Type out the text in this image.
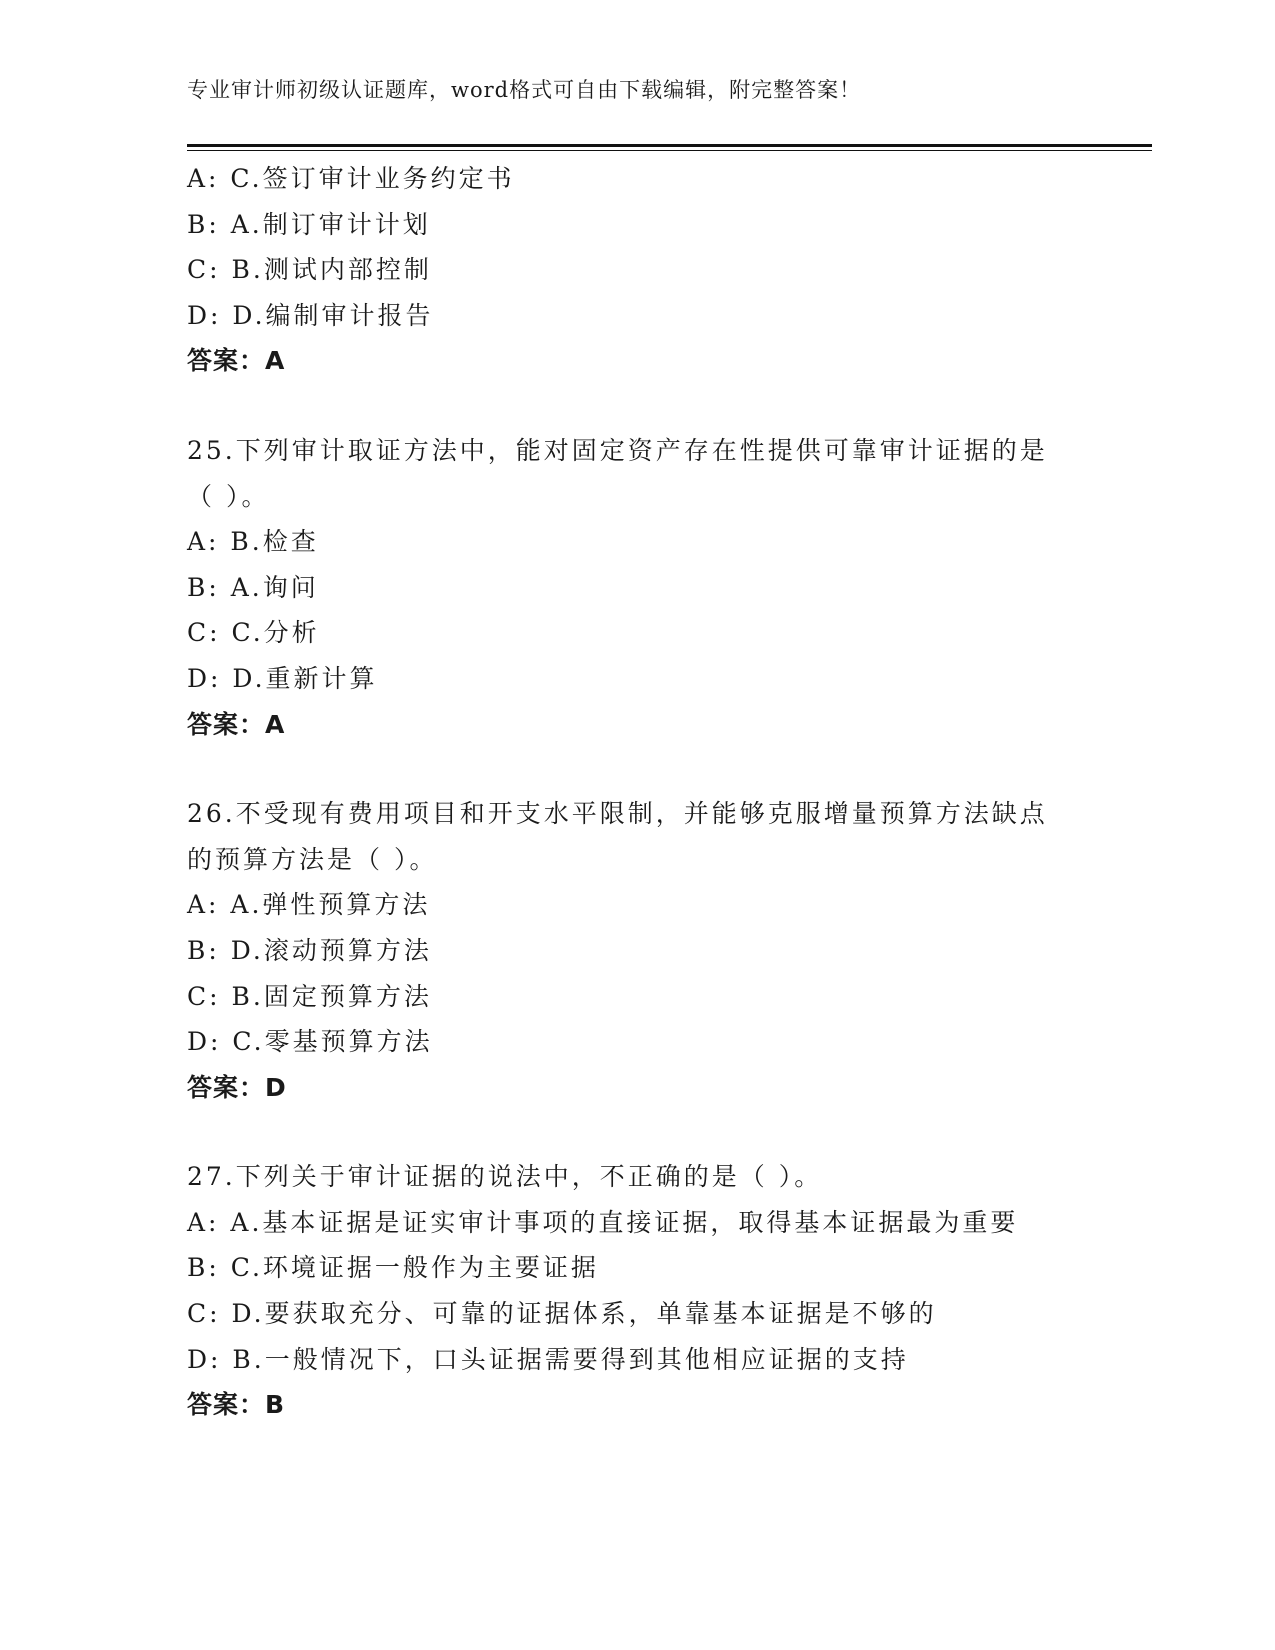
专业审计师初级认证题库，word格式可自由下载编辑，附完整答案！
A: C.签订审计业务约定书
B: A.制订审计计划
C: B.测试内部控制
D: D.编制审计报告
答案：A
25.下列审计取证方法中，能对固定资产存在性提供可靠审计证据的是
（ ）。
A: B.检查
B: A.询问
C: C.分析
D: D.重新计算
答案：A
26.不受现有费用项目和开支水平限制，并能够克服增量预算方法缺点
的预算方法是（ ）。
A: A.弹性预算方法
B: D.滚动预算方法
C: B.固定预算方法
D: C.零基预算方法
答案：D
27.下列关于审计证据的说法中，不正确的是（ ）。
A: A.基本证据是证实审计事项的直接证据，取得基本证据最为重要
B: C.环境证据一般作为主要证据
C: D.要获取充分、可靠的证据体系，单靠基本证据是不够的
D: B.一般情况下，口头证据需要得到其他相应证据的支持
答案：B
